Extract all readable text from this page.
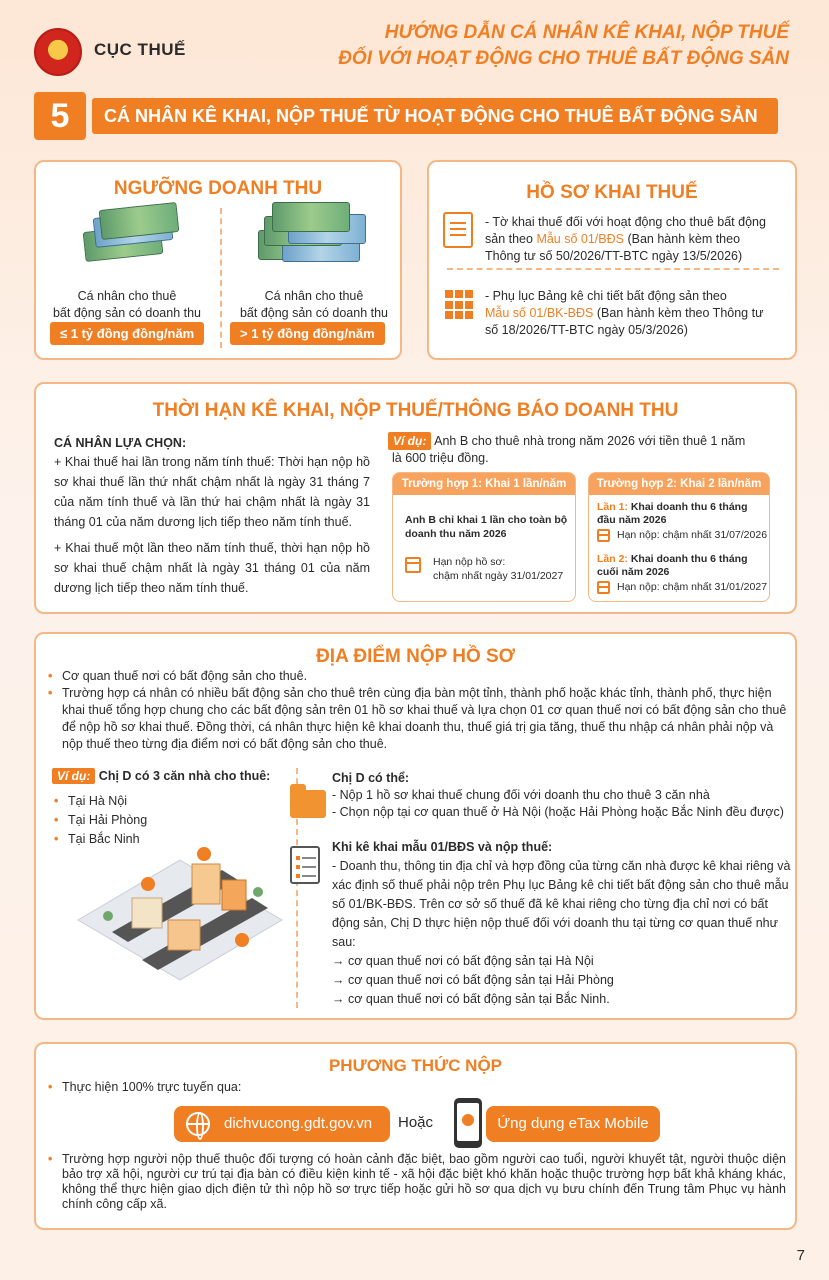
★ CỤC THUẾ
HƯỚNG DẪN CÁ NHÂN KÊ KHAI, NỘP THUẾ
ĐỐI VỚI HOẠT ĐỘNG CHO THUÊ BẤT ĐỘNG SẢN
5	CÁ NHÂN KÊ KHAI, NỘP THUẾ TỪ HOẠT ĐỘNG CHO THUÊ BẤT ĐỘNG SẢN
NGƯỠNG DOANH THU
Cá nhân cho thuê
bất động sản có doanh thu
≤ 1 tỷ đồng đồng/năm
Cá nhân cho thuê
bất động sản có doanh thu
> 1 tỷ đồng đồng/năm
HỒ SƠ KHAI THUẾ
- Tờ khai thuế đối với hoạt động cho thuê bất động
sản theo Mẫu số 01/BĐS (Ban hành kèm theo
Thông tư số 50/2026/TT-BTC ngày 13/5/2026)
- Phụ lục Bảng kê chi tiết bất động sản theo
Mẫu số 01/BK-BĐS (Ban hành kèm theo Thông tư
số 18/2026/TT-BTC ngày 05/3/2026)
THỜI HẠN KÊ KHAI, NỘP THUẾ/THÔNG BÁO DOANH THU
CÁ NHÂN LỰA CHỌN:
+ Khai thuế hai lần trong năm tính thuế: Thời hạn nộp hồ sơ khai thuế lần thứ nhất chậm nhất là ngày 31 tháng 7 của năm tính thuế và lần thứ hai chậm nhất là ngày 31 tháng 01 của năm dương lịch tiếp theo năm tính thuế.
+ Khai thuế một lần theo năm tính thuế, thời hạn nộp hồ sơ khai thuế chậm nhất là ngày 31 tháng 01 của năm dương lịch tiếp theo năm tính thuế.
Ví dụ: Anh B cho thuê nhà trong năm 2026 với tiền thuê 1 năm
là 600 triệu đồng.
Trường hợp 1: Khai 1 lần/năm
Anh B chỉ khai 1 lần cho toàn bộ doanh thu năm 2026
Hạn nộp hồ sơ:
chậm nhất ngày 31/01/2027
Trường hợp 2: Khai 2 lần/năm
Lần 1: Khai doanh thu 6 tháng đầu năm 2026
Hạn nộp: chậm nhất 31/07/2026
Lần 2: Khai doanh thu 6 tháng cuối năm 2026
Hạn nộp: chậm nhất 31/01/2027
ĐỊA ĐIỂM NỘP HỒ SƠ
• Cơ quan thuế nơi có bất động sản cho thuê.
• Trường hợp cá nhân có nhiều bất động sản cho thuê trên cùng địa bàn một tỉnh, thành phố hoặc khác tỉnh, thành phố, thực hiện khai thuế tổng hợp chung cho các bất động sản trên 01 hồ sơ khai thuế và lựa chọn 01 cơ quan thuế nơi có bất động sản cho thuê để nộp hồ sơ khai thuế. Đồng thời, cá nhân thực hiện kê khai doanh thu, thuế giá trị gia tăng, thuế thu nhập cá nhân phải nộp và nộp thuế theo từng địa điểm nơi có bất động sản cho thuê.
Ví dụ: Chị D có 3 căn nhà cho thuê:
• Tại Hà Nội
• Tại Hải Phòng
• Tại Bắc Ninh
Chị D có thể:
- Nộp 1 hồ sơ khai thuế chung đối với doanh thu cho thuê 3 căn nhà
- Chọn nộp tại cơ quan thuế ở Hà Nội (hoặc Hải Phòng hoặc Bắc Ninh đều được)
Khi kê khai mẫu 01/BĐS và nộp thuế:
- Doanh thu, thông tin địa chỉ và hợp đồng của từng căn nhà được kê khai riêng và xác định số thuế phải nộp trên Phụ lục Bảng kê chi tiết bất động sản cho thuê mẫu số 01/BK-BĐS. Trên cơ sở số thuế đã kê khai riêng cho từng địa chỉ nơi có bất động sản, Chị D thực hiện nộp thuế đối với doanh thu tại từng cơ quan thuế như sau:
→ cơ quan thuế nơi có bất động sản tại Hà Nội
→ cơ quan thuế nơi có bất động sản tại Hải Phòng
→ cơ quan thuế nơi có bất động sản tại Bắc Ninh.
PHƯƠNG THỨC NỘP
• Thực hiện 100% trực tuyến qua:
dichvucong.gdt.gov.vn Hoặc	Ứng dụng eTax Mobile
• Trường hợp người nộp thuế thuộc đối tượng có hoàn cảnh đặc biệt, bao gồm người cao tuổi, người khuyết tật, người thuộc diện bảo trợ xã hội, người cư trú tại địa bàn có điều kiện kinh tế - xã hội đặc biệt khó khăn hoặc thuộc trường hợp bất khả kháng khác, không thể thực hiện giao dịch điện tử thì nộp hồ sơ trực tiếp hoặc gửi hồ sơ qua dịch vụ bưu chính đến Trung tâm Phục vụ hành chính công cấp xã.
7
